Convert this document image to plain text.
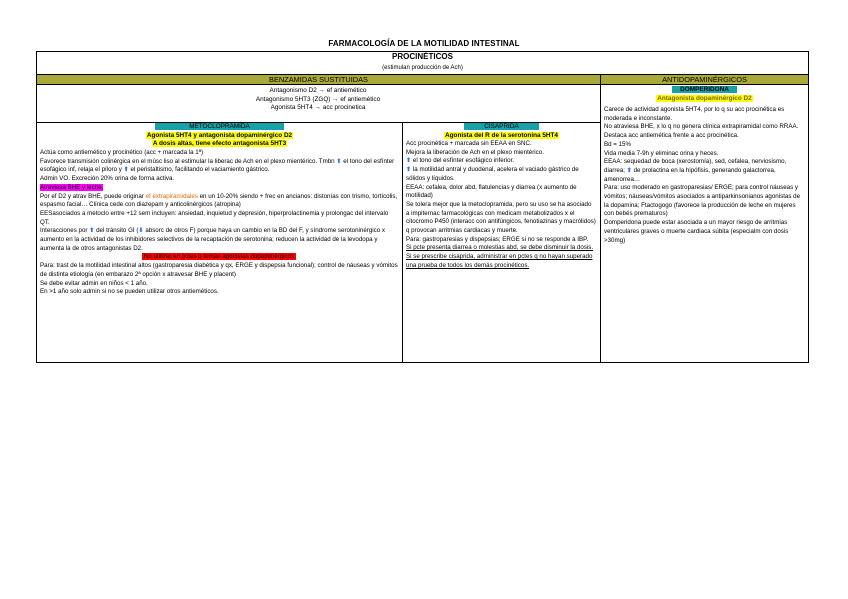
FARMACOLOGÍA DE LA MOTILIDAD INTESTINAL
PROCINÉTICOS
(estimulan producción de Ach)
BENZAMIDAS SUSTITUIDAS	ANTIDOPAMINÉRGICOS
Antagonismo D2 → ef antiemético
Antagonismo 5HT3 (ZGQ) → ef antiemético
Agonista 5HT4 → acc procinetica
DOMPERIDONA
Antagonista dopaminérgico D2
METOCLOPRAMIDA
Agonista 5HT4 y antagonista dopaminérgico D2
A dosis altas, tiene efecto antagonista 5HT3
CISAPRIDA
Agonista del R de la serotonina 5HT4

Actúa como antiemético y procinético (acc + marcada la 1ª)

Favorece transmisión colinérgica en el músc liso al estimular la liberac de Ach en el plexo mientérico. Tmbn ⬆ el tono del esfínter esofágico inf, relaja el píloro y ⬆ el peristaltismo, facilitando el vaciamiento gástrico.

Admin VO. Excreción 20% orina de forma activa.

Atraviesa BHE y leche.

Por ef D2 y atrav BHE, puede originar ef extrapiramidales en un 10-20% siendo + frec en ancianos: distonías con trismo, tortícolis, espasmo facial… Clínica cede con diazepam y anticolinérgicos (atropina)

EESasociados a metoclo entre +12 sem incluyen: ansiedad, inquietud y depresión, hiperprolactinemia y prolongac del intervalo QT.

Interacciones por ⬆ del tránsito GI (⬇ absorc de otros F) porque haya un cambio en la BD del F, y síndrome serotoninérgico x aumento en la actividad de los inhibidores selectivos de la recaptación de serotonina; reducen la actividad de la levodopa y aumenta la de otros antagonistas D2.

No utilizar en pctes q toman agonistas dopaminérgicos

Para: trast de la motilidad intestinal altos (gastroparesia diabética y qx, ERGE y dispepsia funcional); control de náuseas y vómitos de distinta etiología (en embarazo 2ª opción x atravesar BHE y placent)

Se debe evitar admin en niños < 1 año.

En >1 año solo admin si no se pueden utilizar otros antieméticos.

Acc procinética + marcada sin EEAA en SNC.

Mejora la liberación de Ach en el plexo mientérico.

⬆ el tono del esfínter esofágico inferior.

⬆ la motilidad antral y duodenal, acelera el vaciado gástrico de sólidos y líquidos.

EEAA: cefalea, dolor abd, flatulencias y diarrea (x aumento de motilidad)

Se tolera mejor que la metoclopramida, pero su uso se ha asociado a impiternac farmacológicas con medicam metabolizados x el citocromo P450 (interacc con antifúngicos, fenotiazinas y macrólidos) q provocan arritmias cardiacas y muerte.

Para: gastroparesias y dispepsias; ERGE si no se responde a IBP.

Si pcte presenta diarrea o molestias abd, se debe disminuir la dosis.

Si se prescribe cisaprida, administrar en pctes q no hayan superado una prueba de todos los demás procinéticos.

Carece de actividad agonista 5HT4, por lo q su acc procinética es moderada e inconstante.

No atraviesa BHE, x lo q no genera clínica extrapiramidal como RRAA.

Destaca acc antiemética frente a acc procinética.

Bd = 15%

Vida media 7-9h y eliminac orina y heces.

EEAA: sequedad de boca (xerostomía), sed, cefalea, nerviosismo, diarrea; ⬆ de prolactina en la hipófisis, generando galactorrea, amenorrea…

Para: uso moderado en gastroparesias/ ERGE; para control náuseas y vómitos; náuseas/vómitos asociados a antiparkinsonianos agonistas de la dopamina; Ftactogogo (favorece la producción de leche en mujeres con bebés prematuros)

Domperidona puede estar asociada a un mayor riesgo de arritmias ventriculares graves o muerte cardiaca súbita (especialm con dosis >30mg)
